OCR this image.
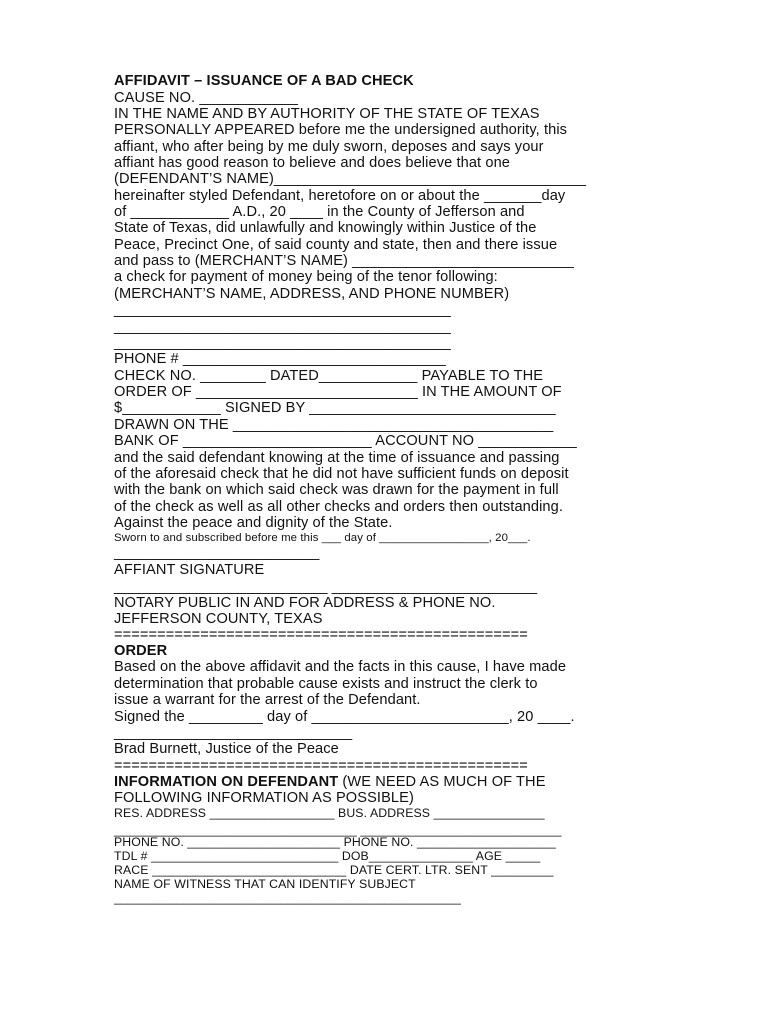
AFFIDAVIT – ISSUANCE OF A BAD CHECK
CAUSE NO. ____________
IN THE NAME AND BY AUTHORITY OF THE STATE OF TEXAS
PERSONALLY APPEARED before me the undersigned authority, this
affiant, who after being by me duly sworn, deposes and says your
affiant has good reason to believe and does believe that one
(DEFENDANT’S NAME)______________________________________
hereinafter styled Defendant, heretofore on or about the _______day
of ____________ A.D., 20 ____ in the County of Jefferson and
State of Texas, did unlawfully and knowingly within Justice of the
Peace, Precinct One, of said county and state, then and there issue
and pass to (MERCHANT’S NAME) ___________________________
a check for payment of money being of the tenor following:
(MERCHANT’S NAME, ADDRESS, AND PHONE NUMBER)
_________________________________________
_________________________________________
_________________________________________
PHONE # ________________________________
CHECK NO. ________ DATED____________ PAYABLE TO THE
ORDER OF ___________________________ IN THE AMOUNT OF
$____________ SIGNED BY ______________________________
DRAWN ON THE _______________________________________
BANK OF _______________________ ACCOUNT NO ____________
and the said defendant knowing at the time of issuance and passing
of the aforesaid check that he did not have sufficient funds on deposit
with the bank on which said check was drawn for the payment in full
of the check as well as all other checks and orders then outstanding.
Against the peace and dignity of the State.
Sworn to and subscribed before me this ___ day of _________________, 20___.
_________________________
AFFIANT SIGNATURE
__________________________ _________________________
NOTARY PUBLIC IN AND FOR ADDRESS & PHONE NO.
JEFFERSON COUNTY, TEXAS
================================================
ORDER
Based on the above affidavit and the facts in this cause, I have made
determination that probable cause exists and instruct the clerk to
issue a warrant for the arrest of the Defendant.
Signed the _________ day of ________________________, 20 ____.
_____________________________
Brad Burnett, Justice of the Peace
================================================
INFORMATION ON DEFENDANT (WE NEED AS MUCH OF THE
FOLLOWING INFORMATION AS POSSIBLE)
RES. ADDRESS __________________ BUS. ADDRESS ________________
___________________________________ _____________________________
PHONE NO. ______________________ PHONE NO. ____________________
TDL # ___________________________ DOB_______________ AGE _____
RACE ____________________________ DATE CERT. LTR. SENT _________
NAME OF WITNESS THAT CAN IDENTIFY SUBJECT
__________________________________________________
